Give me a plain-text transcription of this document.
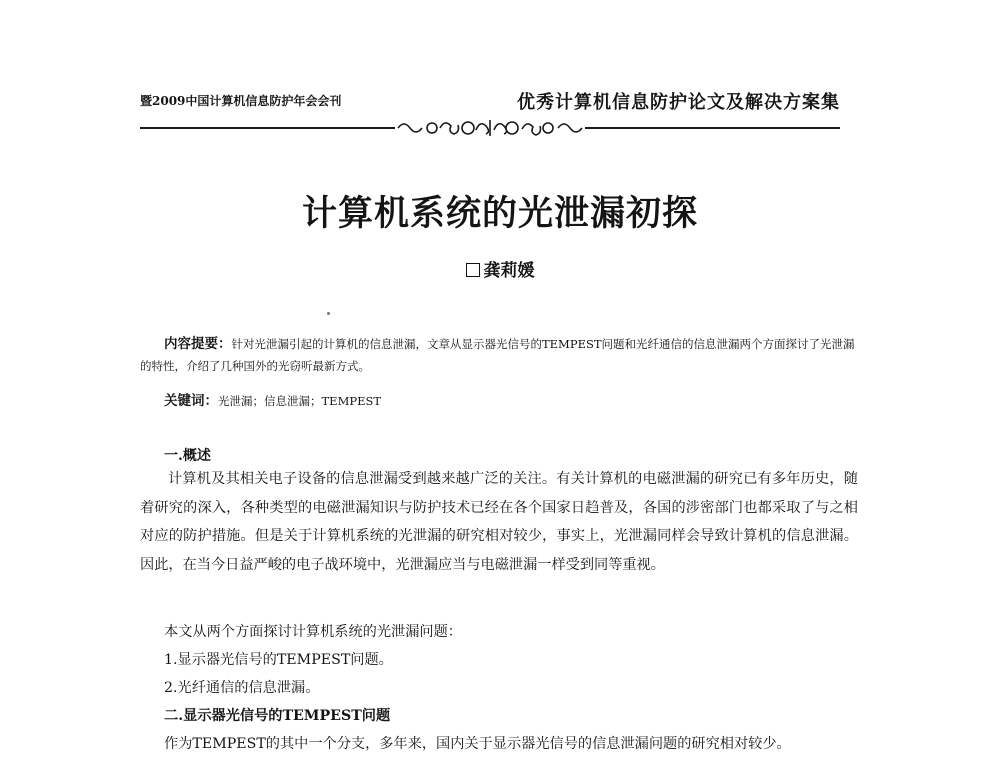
暨2009中国计算机信息防护年会会刊	优秀计算机信息防护论文及解决方案集
计算机系统的光泄漏初探
龚莉媛
内容提要：针对光泄漏引起的计算机的信息泄漏，文章从显示器光信号的TEMPEST问题和光纤通信的信息泄漏两个方面探讨了光泄漏的特性，介绍了几种国外的光窃听最新方式。
关键词：光泄漏；信息泄漏；TEMPEST
一.概述
计算机及其相关电子设备的信息泄漏受到越来越广泛的关注。有关计算机的电磁泄漏的研究已有多年历史，随着研究的深入，各种类型的电磁泄漏知识与防护技术已经在各个国家日趋普及，各国的涉密部门也都采取了与之相对应的防护措施。但是关于计算机系统的光泄漏的研究相对较少，事实上，光泄漏同样会导致计算机的信息泄漏。因此，在当今日益严峻的电子战环境中，光泄漏应当与电磁泄漏一样受到同等重视。
本文从两个方面探讨计算机系统的光泄漏问题：
1.显示器光信号的TEMPEST问题。
2.光纤通信的信息泄漏。
二.显示器光信号的TEMPEST问题
作为TEMPEST的其中一个分支，多年来，国内关于显示器光信号的信息泄漏问题的研究相对较少。
